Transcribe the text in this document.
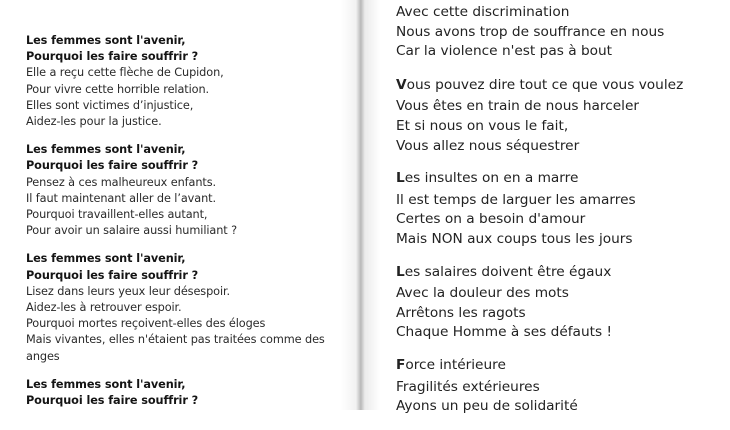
Les femmes sont l'avenir,
Pourquoi les faire souffrir ?
Elle a reçu cette flèche de Cupidon,
Pour vivre cette horrible relation.
Elles sont victimes d’injustice,
Aidez-les pour la justice.
Les femmes sont l'avenir,
Pourquoi les faire souffrir ?
Pensez à ces malheureux enfants.
Il faut maintenant aller de l’avant.
Pourquoi travaillent-elles autant,
Pour avoir un salaire aussi humiliant ?
Les femmes sont l'avenir,
Pourquoi les faire souffrir ?
Lisez dans leurs yeux leur désespoir.
Aidez-les à retrouver espoir.
Pourquoi mortes reçoivent-elles des éloges
Mais vivantes, elles n'étaient pas traitées comme des anges
Les femmes sont l'avenir,
Pourquoi les faire souffrir ?
Avec cette discrimination
Nous avons trop de souffrance en nous
Car la violence n'est pas à bout
Vous pouvez dire tout ce que vous voulez
Vous êtes en train de nous harceler
Et si nous on vous le fait,
Vous allez nous séquestrer
Les insultes on en a marre
Il est temps de larguer les amarres
Certes on a besoin d'amour
Mais NON aux coups tous les jours
Les salaires doivent être égaux
Avec la douleur des mots
Arrêtons les ragots
Chaque Homme à ses défauts !
Force intérieure
Fragilités extérieures
Ayons un peu de solidarité
